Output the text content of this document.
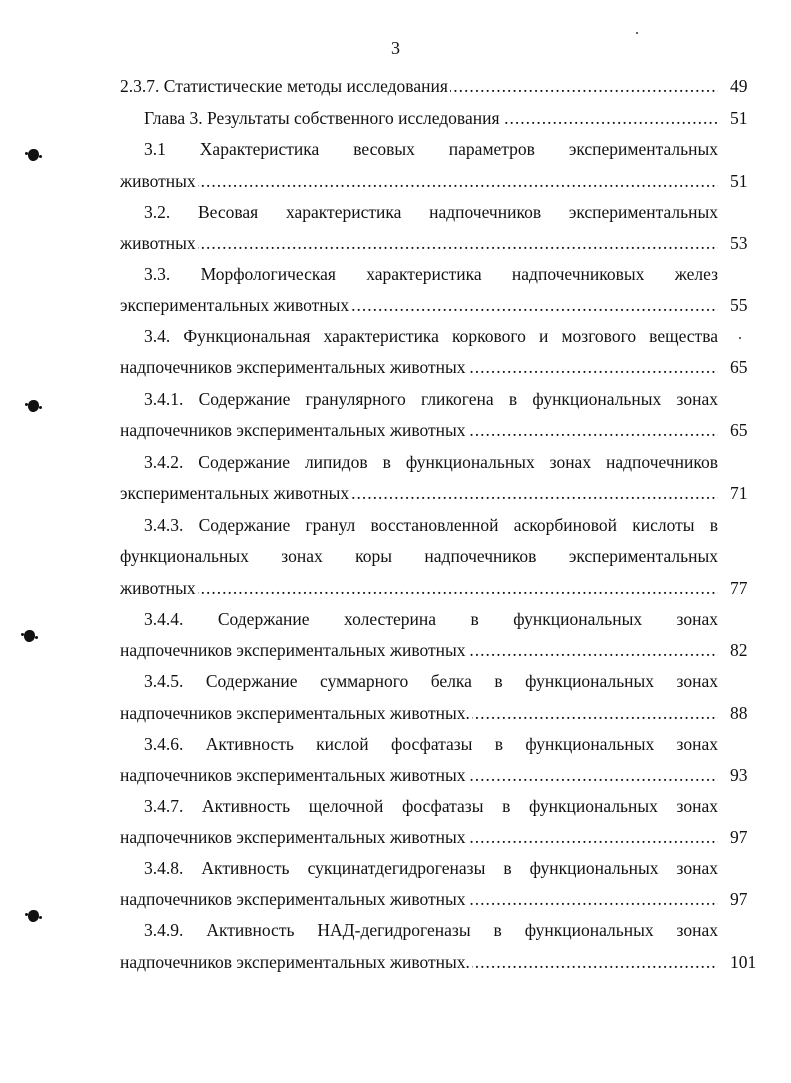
3
2.3.7. Статистические методы исследования .....	49
Глава 3. Результаты собственного исследования .....	51
3.1 Характеристика весовых параметров экспериментальных
животных .....	51
3.2. Весовая характеристика надпочечников экспериментальных
животных .....	53
3.3. Морфологическая характеристика надпочечниковых желез
экспериментальных животных .....	55
3.4. Функциональная характеристика коркового и мозгового вещества
надпочечников экспериментальных животных .....	65
3.4.1. Содержание гранулярного гликогена в функциональных зонах
надпочечников экспериментальных животных .....	65
3.4.2. Содержание липидов в функциональных зонах надпочечников
экспериментальных животных .....	71
3.4.3. Содержание гранул восстановленной аскорбиновой кислоты в
функциональных зонах коры надпочечников экспериментальных
животных .....	77
3.4.4. Содержание холестерина в функциональных зонах
надпочечников экспериментальных животных .....	82
3.4.5. Содержание суммарного белка в функциональных зонах
надпочечников экспериментальных животных. .....	88
3.4.6. Активность кислой фосфатазы в функциональных зонах
надпочечников экспериментальных животных .....	93
3.4.7. Активность щелочной фосфатазы в функциональных зонах
надпочечников экспериментальных животных .....	97
3.4.8. Активность сукцинатдегидрогеназы в функциональных зонах
надпочечников экспериментальных животных .....	97
3.4.9. Активность НАД-дегидрогеназы в функциональных зонах
надпочечников экспериментальных животных. .....	101
